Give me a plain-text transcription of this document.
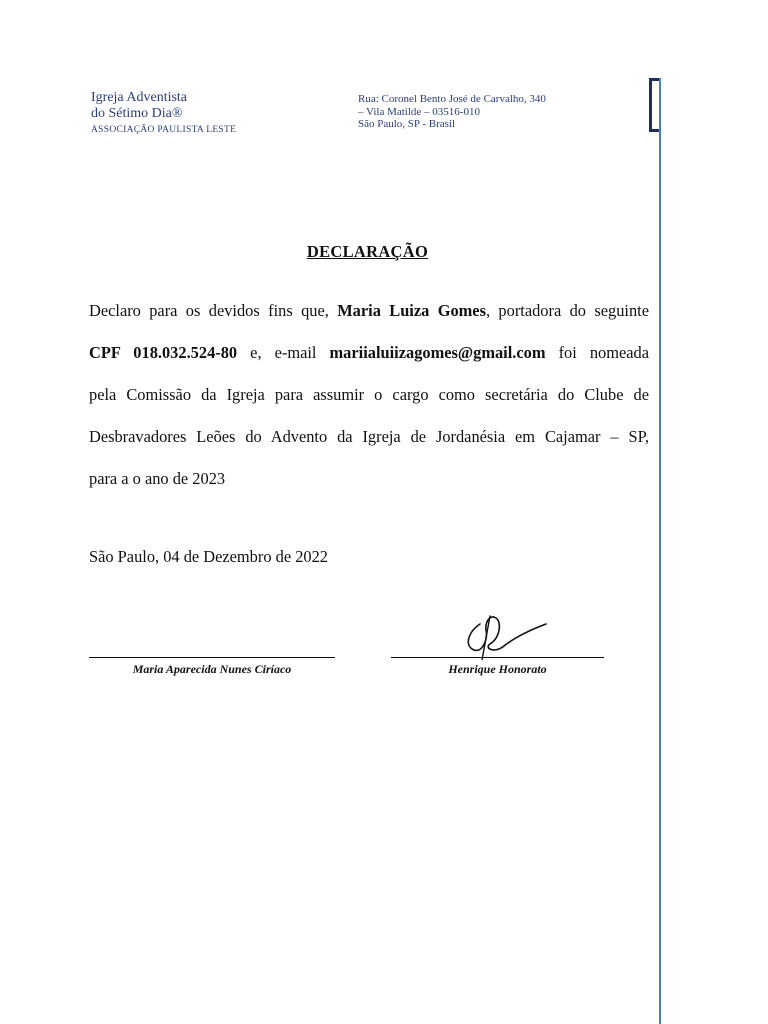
Igreja Adventista
do Sétimo Dia®
ASSOCIAÇÃO PAULISTA LESTE
Rua: Coronel Bento José de Carvalho, 340
– Vila Matilde – 03516-010
São Paulo, SP - Brasil
DECLARAÇÃO
Declaro para os devidos fins que, Maria Luiza Gomes, portadora do seguinte
CPF 018.032.524-80 e, e-mail mariialuiizagomes@gmail.com foi nomeada
pela Comissão da Igreja para assumir o cargo como secretária do Clube de
Desbravadores Leões do Advento da Igreja de Jordanésia em Cajamar – SP,
para a o ano de 2023
São Paulo, 04 de Dezembro de 2022
Maria Aparecida Nunes Ciríaco	Henrique Honorato
